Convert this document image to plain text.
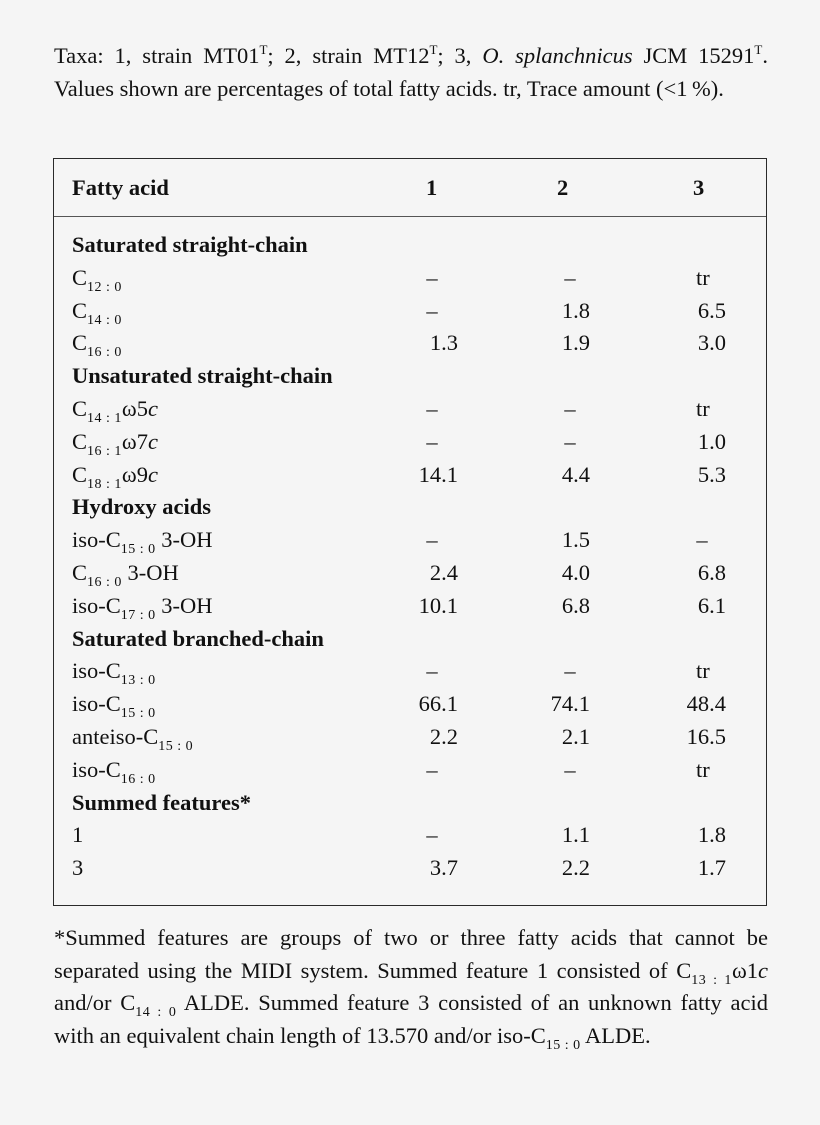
Taxa: 1, strain $MT01^T$; 2, strain $MT12^T$; 3, O. splanchnicus JCM $15291^T$. Values shown are percentages of total fatty acids. tr, Trace amount (<1 %).
Fatty acid	1	2	3
Saturated straight-chain
$C_{12 : 0}$	–	–	tr
$C_{14 : 0}$	–	1.8	6.5
$C_{16 : 0}$	1.3	1.9	3.0
Unsaturated straight-chain
$C_{14 : 1}\omega 5c$	–	–	tr
$C_{16 : 1}\omega 7c$	–	–	1.0
$C_{18 : 1}\omega 9c$	14.1	4.4	5.3
Hydroxy acids
iso-$C_{15 : 0}$ 3-OH	–	1.5	–
$C_{16 : 0}$ 3-OH	2.4	4.0	6.8
iso-$C_{17 : 0}$ 3-OH	10.1	6.8	6.1
Saturated branched-chain
iso-$C_{13 : 0}$	–	–	tr
iso-$C_{15 : 0}$	66.1	74.1	48.4
anteiso-$C_{15 : 0}$	2.2	2.1	16.5
iso-$C_{16 : 0}$	–	–	tr
Summed features*
1	–	1.1	1.8
3	3.7	2.2	1.7
*Summed features are groups of two or three fatty acids that cannot be separated using the MIDI system. Summed feature 1 consisted of $C_{13 : 1}\omega 1c$ and/or $C_{14 : 0}$ ALDE. Summed feature 3 consisted of an unknown fatty acid with an equivalent chain length of 13.570 and/or iso-$C_{15 : 0}$ ALDE.
